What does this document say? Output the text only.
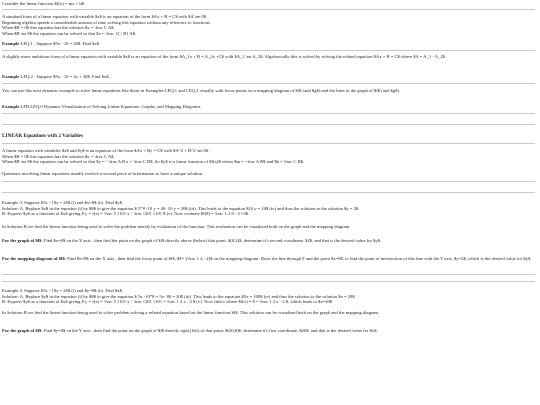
Consider the linear function $f(x) = mx + b$.

A standard form of a linear equation with variable $x$ is an equation of the form $Ax + B = C$ with $A \ne 0$.

Beginning algebra spends a considerable amount of time solving this equation without any reference to functions.

When $B = 0$ this equation has the solution $x = \frac C A$.

When $B \ne 0$ the equation can be solved so that $x = \frac {C- B} A$.

Example LEQ.1 : Suppose $5x - 10 = 20$. Find $x$.

A slightly more ambitious form of a linear equation with variable $x$ is an equation of the form $A_1x + B = A_2x +C$ with $A_1 \ne A_2$. Algebraically this is solved by solving the related equation $Ax + B = C$ where $A = A_1 - A_2$.

Example LEQ.2 : Suppose $5x - 10 = 3x + 20$. Find $x$..

You can use this next dynamic example to solve linear equations like those in Examples LEQ.1 and LEQ.2 visually with focus points on a mapping diagram of $f$ (and $g$) and the lines in the graph of $f$ (and $g$).

Example LFD.LEQ.0 Dynamic Visualization of Solving Linear Equations: Graphs, and Mapping Diagrams

LINEAR Equations with 2 Variables

A linear equation with variables $x$ and $y$ is an equation of the form $Ax + By = C$ with $A^2 + B^2 \ne 0$.

When $B = 0$ this equation has the solution $x = \frac C A$.

When $B \ne 0$ the equation can be solved so that $y = - \frac A B x + \frac C B$. So $y$ is a linear function of $f(x)$ where $m = -\frac A B$ and $b = \frac C B$.

Questions involving linear equations usually involve a second piece of information to have a unique solution.

Example 3. Suppose $5x - 10y = 20$ (i) and $x=8$ (ii). Find $y$.

Solution: A. Replace $x$ in the equation (i) by $8$ to give the equation $ 5*8 -10 y = 40- 10 y = 20$ (iii). This leads to the equation $10 y = 20$ (iv) and thus the solution to the solution $y = 2$.

B. Express $y$ as a function of $x$ giving $ y = f(x) = \frac 5 {10} x - \frac {20} {10} $ (v). Now evaluate $f(8) = \frac 1 2 8 - 2 =4$.

In Solution B we find the linear function being used to solve the problem merely by evaluation of the function. This evaluation can be visualized both on the graph and the mapping diagram.

For the graph of $f$: Find $x=8$ on the X axis , then find the point on the graph of $f$ directly above (below) that point, $(8,2)$, determine it's second coordinate, $2$, and that is the desired value for $y$.

For the mapping diagram of $f$: Find $x=8$ on the X axis , then find the focus point of $f$, $F= [\frac 1 2, -2]$ on the mapping diagram. Draw the line through F and the point $x=8$, to find the point of intersection of this line with the Y axis, $y=2$, which is the desired value for $y$.

Example 4. Suppose $5x - 10y = 20$ (i) and $y=8$ (ii). Find $x$.

Solution: A. Replace $y$ in the equation (i) by $8$ to give the equation $ 5x -10*8 = 5x- 80 = 20$ (iii). This leads to the equation $5x = 100$ (iv) and thus the solution to the solution $x = 20$.

B. Express $y$ as a function of $x$ giving $ y = f(x) = \frac 5 {10} x - \frac {20} {10} = \frac 1 2 x - 2 $ (v). Now find x where $f(x) = 8 = \frac 1 2 x - 2 $, which leads to $x=20$.

In Solution B we find the linear function being used to solve problem solving a related equation based on the linear function $f$. This solution can be visualized both on the graph and the mapping diagram.

For the graph of $f$: Find $y=8$ on the Y axis , then find the point on the graph of $f$ directly right (left) of that point, $(20,8)$, determine it's first coordinate, $20$, and that is the desired value for $x$.
